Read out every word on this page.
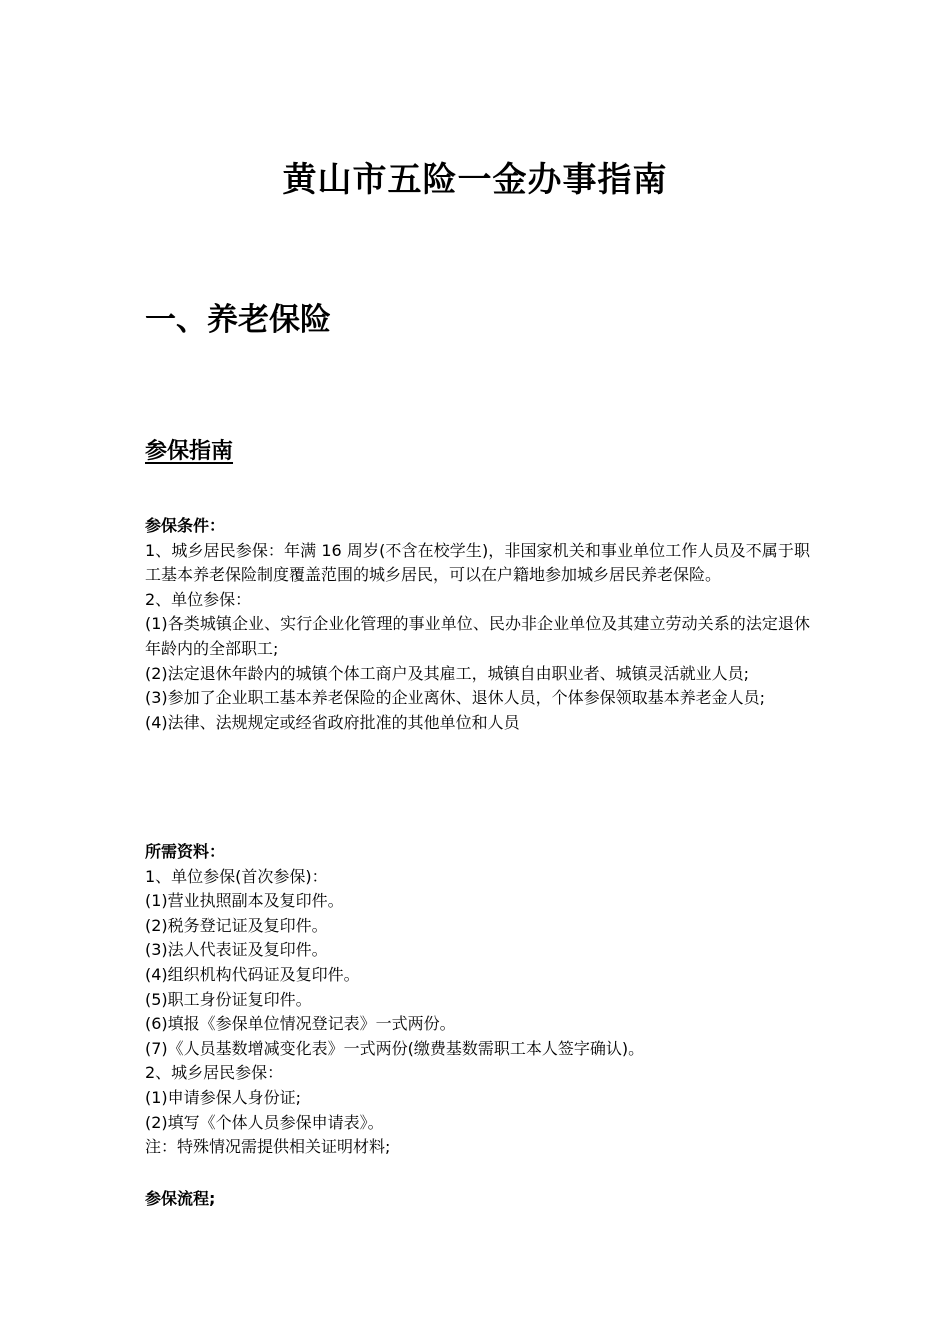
黄山市五险一金办事指南
一、养老保险
参保指南
参保条件：
1、城乡居民参保：年满 16 周岁(不含在校学生)，非国家机关和事业单位工作人员及不属于职工基本养老保险制度覆盖范围的城乡居民，可以在户籍地参加城乡居民养老保险。
2、单位参保：
(1)各类城镇企业、实行企业化管理的事业单位、民办非企业单位及其建立劳动关系的法定退休年龄内的全部职工;
(2)法定退休年龄内的城镇个体工商户及其雇工，城镇自由职业者、城镇灵活就业人员;
(3)参加了企业职工基本养老保险的企业离休、退休人员，个体参保领取基本养老金人员;
(4)法律、法规规定或经省政府批准的其他单位和人员
所需资料：
1、单位参保(首次参保)：
(1)营业执照副本及复印件。
(2)税务登记证及复印件。
(3)法人代表证及复印件。
(4)组织机构代码证及复印件。
(5)职工身份证复印件。
(6)填报《参保单位情况登记表》一式两份。
(7)《人员基数增减变化表》一式两份(缴费基数需职工本人签字确认)。
2、城乡居民参保：
(1)申请参保人身份证;
(2)填写《个体人员参保申请表》。
注：特殊情况需提供相关证明材料;
参保流程;
